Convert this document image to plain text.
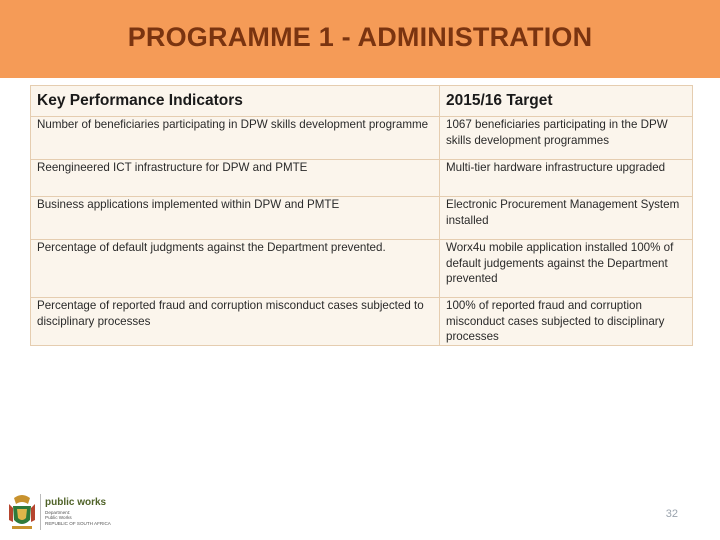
PROGRAMME 1 - ADMINISTRATION
Key Performance Indicators	2015/16 Target
Number of beneficiaries participating in DPW skills development programme	1067 beneficiaries participating in the DPW skills development programmes
Reengineered ICT infrastructure for DPW and PMTE	Multi-tier hardware infrastructure upgraded
Business applications implemented within DPW and PMTE	Electronic Procurement Management System installed
Percentage of default judgments against the Department prevented.	Worx4u mobile application installed 100% of default judgements against the Department prevented
Percentage of reported fraud and corruption misconduct cases subjected to disciplinary processes	100% of reported fraud and corruption misconduct cases subjected to disciplinary processes
public works
Department:
Public Works
REPUBLIC OF SOUTH AFRICA
32
